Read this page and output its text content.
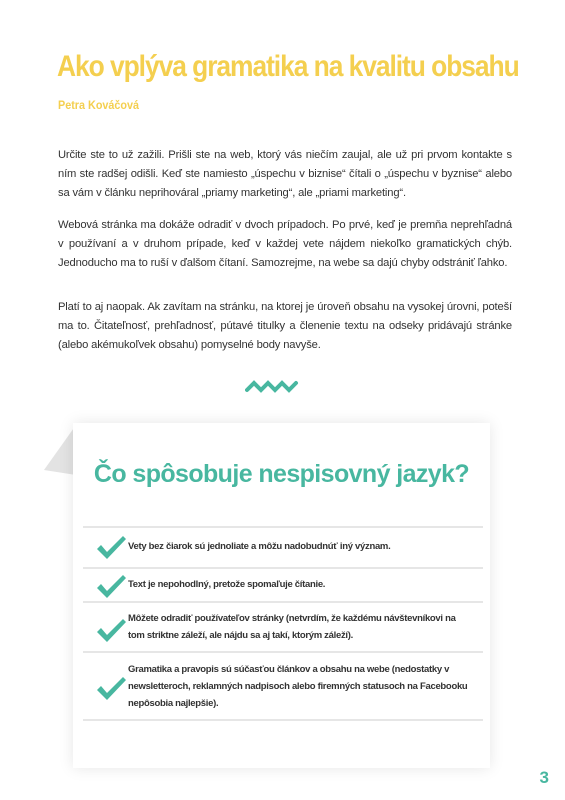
Ako vplýva gramatika na kvalitu obsahu
Petra Kováčová
Určite ste to už zažili. Prišli ste na web, ktorý vás niečím zaujal, ale už pri prvom kontakte s ním ste radšej odišli. Keď ste namiesto „úspechu v biznise“ čítali o „úspechu v byznise“ alebo sa vám v článku neprihováral „priamy marketing“, ale „priami marketing“.
Webová stránka ma dokáže odradiť v dvoch prípadoch. Po prvé, keď je premňa neprehľadná v používaní a v druhom prípade, keď v každej vete nájdem niekoľko gramatických chýb. Jednoducho ma to ruší v ďalšom čítaní. Samozrejme, na webe sa dajú chyby odstrániť ľahko.
Platí to aj naopak. Ak zavítam na stránku, na ktorej je úroveň obsahu na vysokej úrovni, poteší ma to. Čitateľnosť, prehľadnosť, pútavé titulky a členenie textu na odseky pridávajú stránke (alebo akémukoľvek obsahu) pomyselné body navyše.
Čo spôsobuje nespisovný jazyk?
Vety bez čiarok sú jednoliate a môžu nadobudnúť iný význam.
Text je nepohodlný, pretože spomaľuje čítanie.
Môžete odradiť používateľov stránky (netvrdím, že každému návštevníkovi na tom striktne záleží, ale nájdu sa aj takí, ktorým záleží).
Gramatika a pravopis sú súčasťou článkov a obsahu na webe (nedostatky v newsletteroch, reklamných nadpisoch alebo firemných statusoch na Facebooku nepôsobia najlepšie).
3
